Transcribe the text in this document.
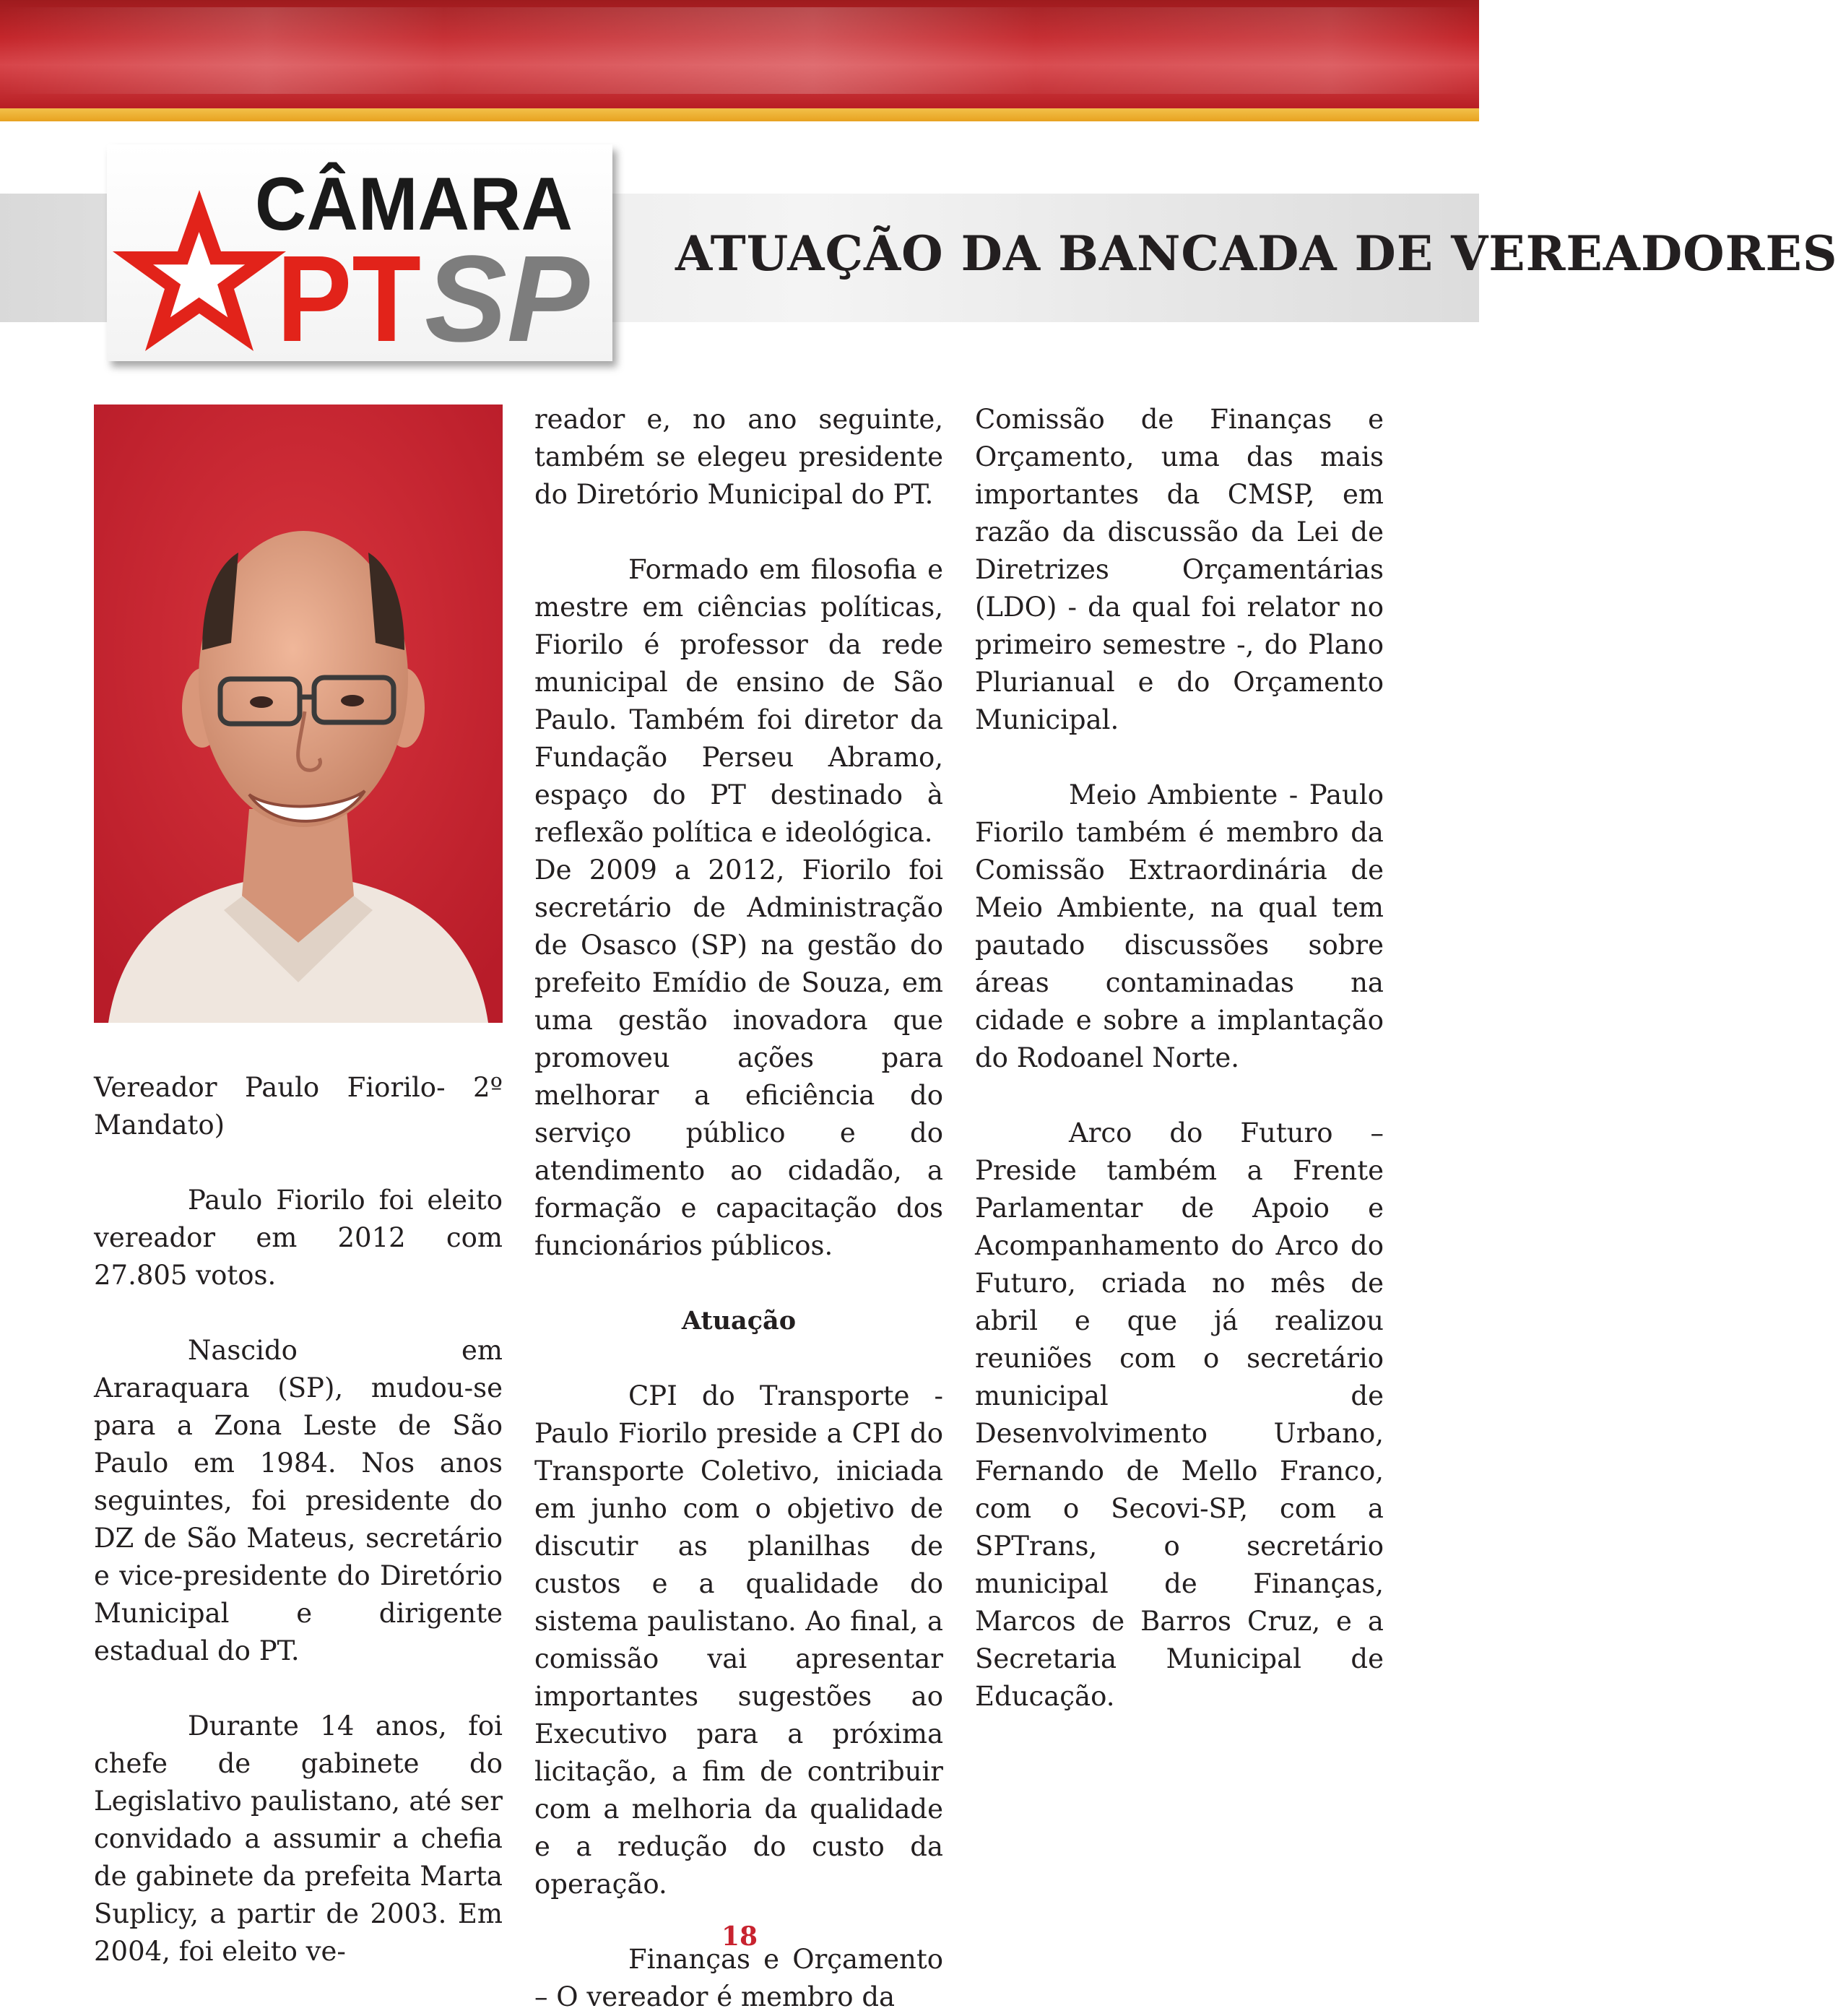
ATUAÇÃO DA BANCADA DE VEREADORES
CÂMARA
PT SP

Vereador Paulo Fiorilo- 2º Mandato)

Paulo Fiorilo foi eleito vereador em 2012 com 27.805 votos.

Nascido em Araraquara (SP), mudou-se para a Zona Leste de São Paulo em 1984. Nos anos seguintes, foi presidente do DZ de São Mateus, secretário e vice-presidente do Diretório Municipal e dirigente estadual do PT.

Durante 14 anos, foi chefe de gabinete do Legislativo paulistano, até ser convidado a assumir a chefia de gabinete da prefeita Marta Suplicy, a partir de 2003. Em 2004, foi eleito ve-

reador e, no ano seguinte, também se elegeu presidente do Diretório Municipal do PT.

Formado em filosofia e mestre em ciências políticas, Fiorilo é professor da rede municipal de ensino de São Paulo. Também foi diretor da Fundação Perseu Abramo, espaço do PT destinado à reflexão política e ideológica.

De 2009 a 2012, Fiorilo foi secretário de Administração de Osasco (SP) na gestão do prefeito Emídio de Souza, em uma gestão inovadora que promoveu ações para melhorar a eficiência do serviço público e do atendimento ao cidadão, a formação e capacitação dos funcionários públicos.

Atuação

CPI do Transporte - Paulo Fiorilo preside a CPI do Transporte Coletivo, iniciada em junho com o objetivo de discutir as planilhas de custos e a qualidade do sistema paulistano. Ao final, a comissão vai apresentar importantes sugestões ao Executivo para a próxima licitação, a fim de contribuir com a melhoria da qualidade e a redução do custo da operação.

Finanças e Orçamento – O vereador é membro da

Comissão de Finanças e Orçamento, uma das mais importantes da CMSP, em razão da discussão da Lei de Diretrizes Orçamentárias (LDO) - da qual foi relator no primeiro semestre -, do Plano Plurianual e do Orçamento Municipal.

Meio Ambiente - Paulo Fiorilo também é membro da Comissão Extraordinária de Meio Ambiente, na qual tem pautado discussões sobre áreas contaminadas na cidade e sobre a implantação do Rodoanel Norte.

Arco do Futuro – Preside também a Frente Parlamentar de Apoio e Acompanhamento do Arco do Futuro, criada no mês de abril e que já realizou reuniões com o secretário municipal de Desenvolvimento Urbano, Fernando de Mello Franco, com o Secovi-SP, com a SPTrans, o secretário municipal de Finanças, Marcos de Barros Cruz, e a Secretaria Municipal de Educação.

18
